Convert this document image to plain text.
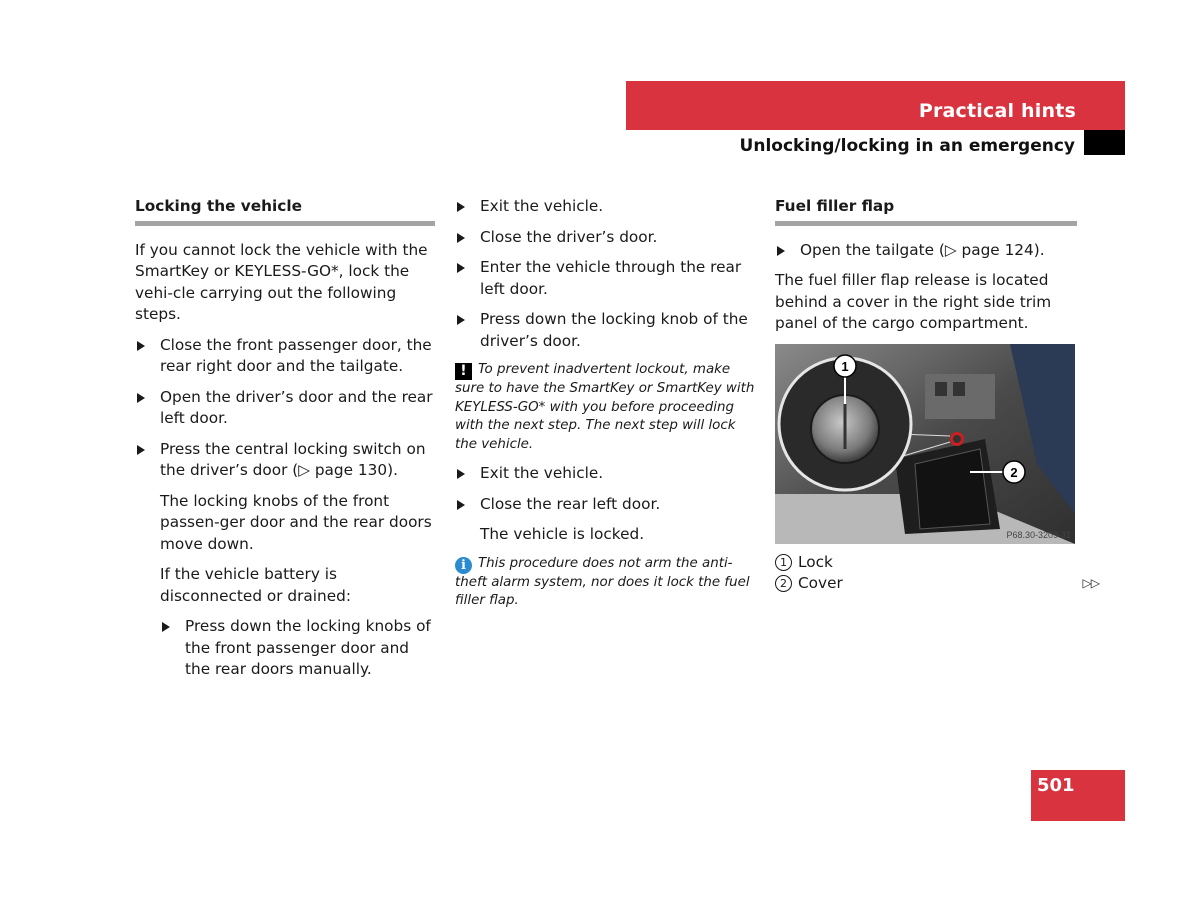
Practical hints
Unlocking/locking in an emergency
Locking the vehicle

If you cannot lock the vehicle with the SmartKey or KEYLESS-GO*, lock the vehi-cle carrying out the following steps.

Close the front passenger door, the rear right door and the tailgate.
Open the driver’s door and the rear left door.
Press the central locking switch on the driver’s door (▷ page 130).

The locking knobs of the front passen-ger door and the rear doors move down.

If the vehicle battery is disconnected or drained:

Press down the locking knobs of the front passenger door and the rear doors manually.
Exit the vehicle.
Close the driver’s door.
Enter the vehicle through the rear left door.
Press down the locking knob of the driver’s door.
! To prevent inadvertent lockout, make sure to have the SmartKey or SmartKey with KEYLESS-GO* with you before proceeding with the next step. The next step will lock the vehicle.
Exit the vehicle.
Close the rear left door.

The vehicle is locked.

i This procedure does not arm the anti-theft alarm system, nor does it lock the fuel filler flap.
Fuel filler flap
Open the tailgate (▷ page 124).

The fuel filler flap release is located behind a cover in the right side trim panel of the cargo compartment.

1
2
P68.30-3209-31
1 Lock
2 Cover	▷▷
501
